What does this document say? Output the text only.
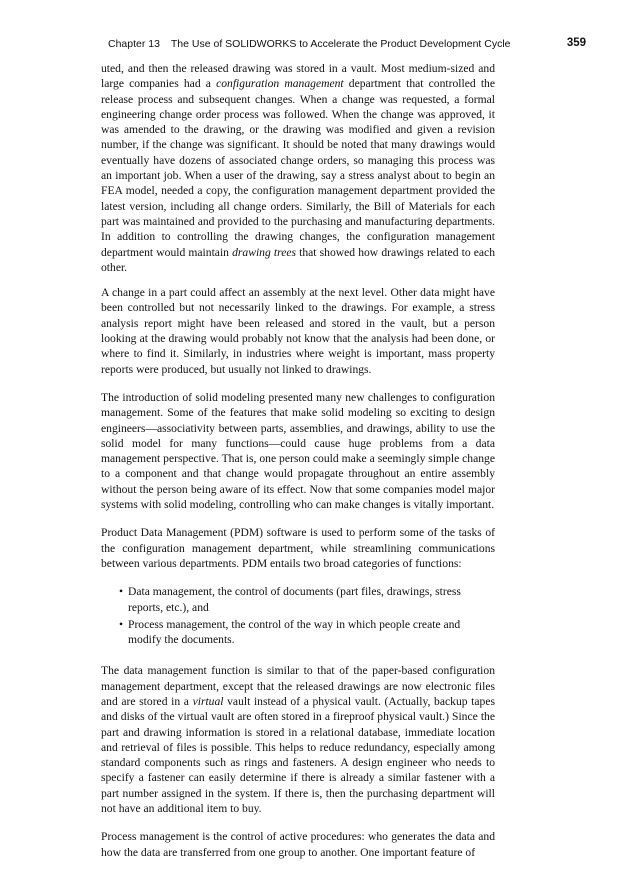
Chapter 13 The Use of SOLIDWORKS to Accelerate the Product Development Cycle	359

uted, and then the released drawing was stored in a vault. Most medium-sized and large companies had a configuration management department that controlled the release process and subsequent changes. When a change was requested, a formal engineering change order process was followed. When the change was approved, it was amended to the drawing, or the drawing was modified and given a revision number, if the change was significant. It should be noted that many drawings would eventually have dozens of associated change orders, so managing this process was an important job. When a user of the drawing, say a stress analyst about to begin an FEA model, needed a copy, the configuration management department provided the latest version, including all change orders. Similarly, the Bill of Materials for each part was maintained and provided to the purchasing and manufacturing departments. In addition to controlling the drawing changes, the configuration management department would maintain drawing trees that showed how drawings related to each other.

A change in a part could affect an assembly at the next level. Other data might have been controlled but not necessarily linked to the drawings. For example, a stress analysis report might have been released and stored in the vault, but a person looking at the drawing would probably not know that the analysis had been done, or where to find it. Similarly, in industries where weight is important, mass property reports were produced, but usually not linked to drawings.

The introduction of solid modeling presented many new challenges to configuration management. Some of the features that make solid modeling so exciting to design engineers—associativity between parts, assemblies, and drawings, ability to use the solid model for many functions—could cause huge problems from a data management perspective. That is, one person could make a seemingly simple change to a component and that change would propagate throughout an entire assembly without the person being aware of its effect. Now that some companies model major systems with solid modeling, controlling who can make changes is vitally important.

Product Data Management (PDM) software is used to perform some of the tasks of the configuration management department, while streamlining communications between various departments. PDM entails two broad categories of functions:

• Data management, the control of documents (part files, drawings, stress reports, etc.), and
• Process management, the control of the way in which people create and modify the documents.

The data management function is similar to that of the paper-based configuration management department, except that the released drawings are now electronic files and are stored in a virtual vault instead of a physical vault. (Actually, backup tapes and disks of the virtual vault are often stored in a fireproof physical vault.) Since the part and drawing information is stored in a relational database, immediate location and retrieval of files is possible. This helps to reduce redundancy, especially among standard components such as rings and fasteners. A design engineer who needs to specify a fastener can easily determine if there is already a similar fastener with a part number assigned in the system. If there is, then the purchasing department will not have an additional item to buy.

Process management is the control of active procedures: who generates the data and how the data are transferred from one group to another. One important feature of
